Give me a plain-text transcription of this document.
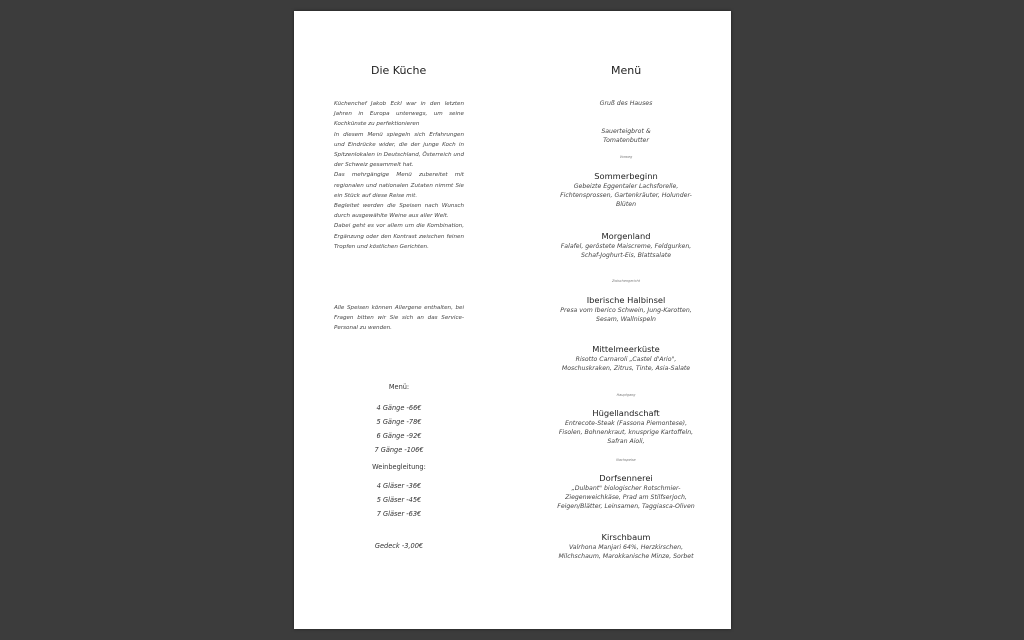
Die Küche	Menü

Küchenchef Jakob Eckl war in den letzten Jahren in Europa unterwegs, um seine Kochkünste zu perfektionieren

In diesem Menü spiegeln sich Erfahrungen und Eindrücke wider, die der junge Koch in Spitzenlokalen in Deutschland, Österreich und der Schweiz gesammelt hat.

Das mehrgängige Menü zubereitet mit regionalen und nationalen Zutaten nimmt Sie ein Stück auf diese Reise mit.

Begleitet werden die Speisen nach Wunsch durch ausgewählte Weine aus aller Welt.

Dabei geht es vor allem um die Kombination, Ergänzung oder den Kontrast zwischen feinen Tropfen und köstlichen Gerichten.

Alle Speisen können Allergene enthalten, bei Fragen bitten wir Sie sich an das Service-Personal zu wenden.
Menü:
4 Gänge -66€
5 Gänge -78€
6 Gänge -92€
7 Gänge -106€
Weinbegleitung:
4 Gläser -36€
5 Gläser -45€
7 Gläser -63€
Gedeck -3,00€
Gruß des Hauses
Sauerteigbrot & Tomatenbutter
Vorweg
Sommerbeginn
Gebeizte Eggentaler Lachsforelle, Fichtensprossen, Gartenkräuter, Holunder-Blüten
Morgenland
Falafel, geröstete Maiscreme, Feldgurken, Schaf-Joghurt-Eis, Blattsalate
Zwischengericht
Iberische Halbinsel
Presa vom Iberico Schwein, Jung-Karotten, Sesam, Wallnispeln
Mittelmeerküste
Risotto Carnaroli „Castel d'Ario", Moschuskraken, Zitrus, Tinte, Asia-Salate
Hauptgang
Hügellandschaft
Entrecote-Steak (Fassona Piemontese), Fisolen, Bohnenkraut, knusprige Kartoffeln, Safran Aioli,
Nachspeise
Dorfsennerei
„Dulbant" biologischer Rotschmier-Ziegenweichkäse, Prad am Stilfserjoch, Feigen/Blätter, Leinsamen, Taggiasca-Oliven
Kirschbaum
Valrhona Manjari 64%, Herzkirschen, Milchschaum, Marokkanische Minze, Sorbet
